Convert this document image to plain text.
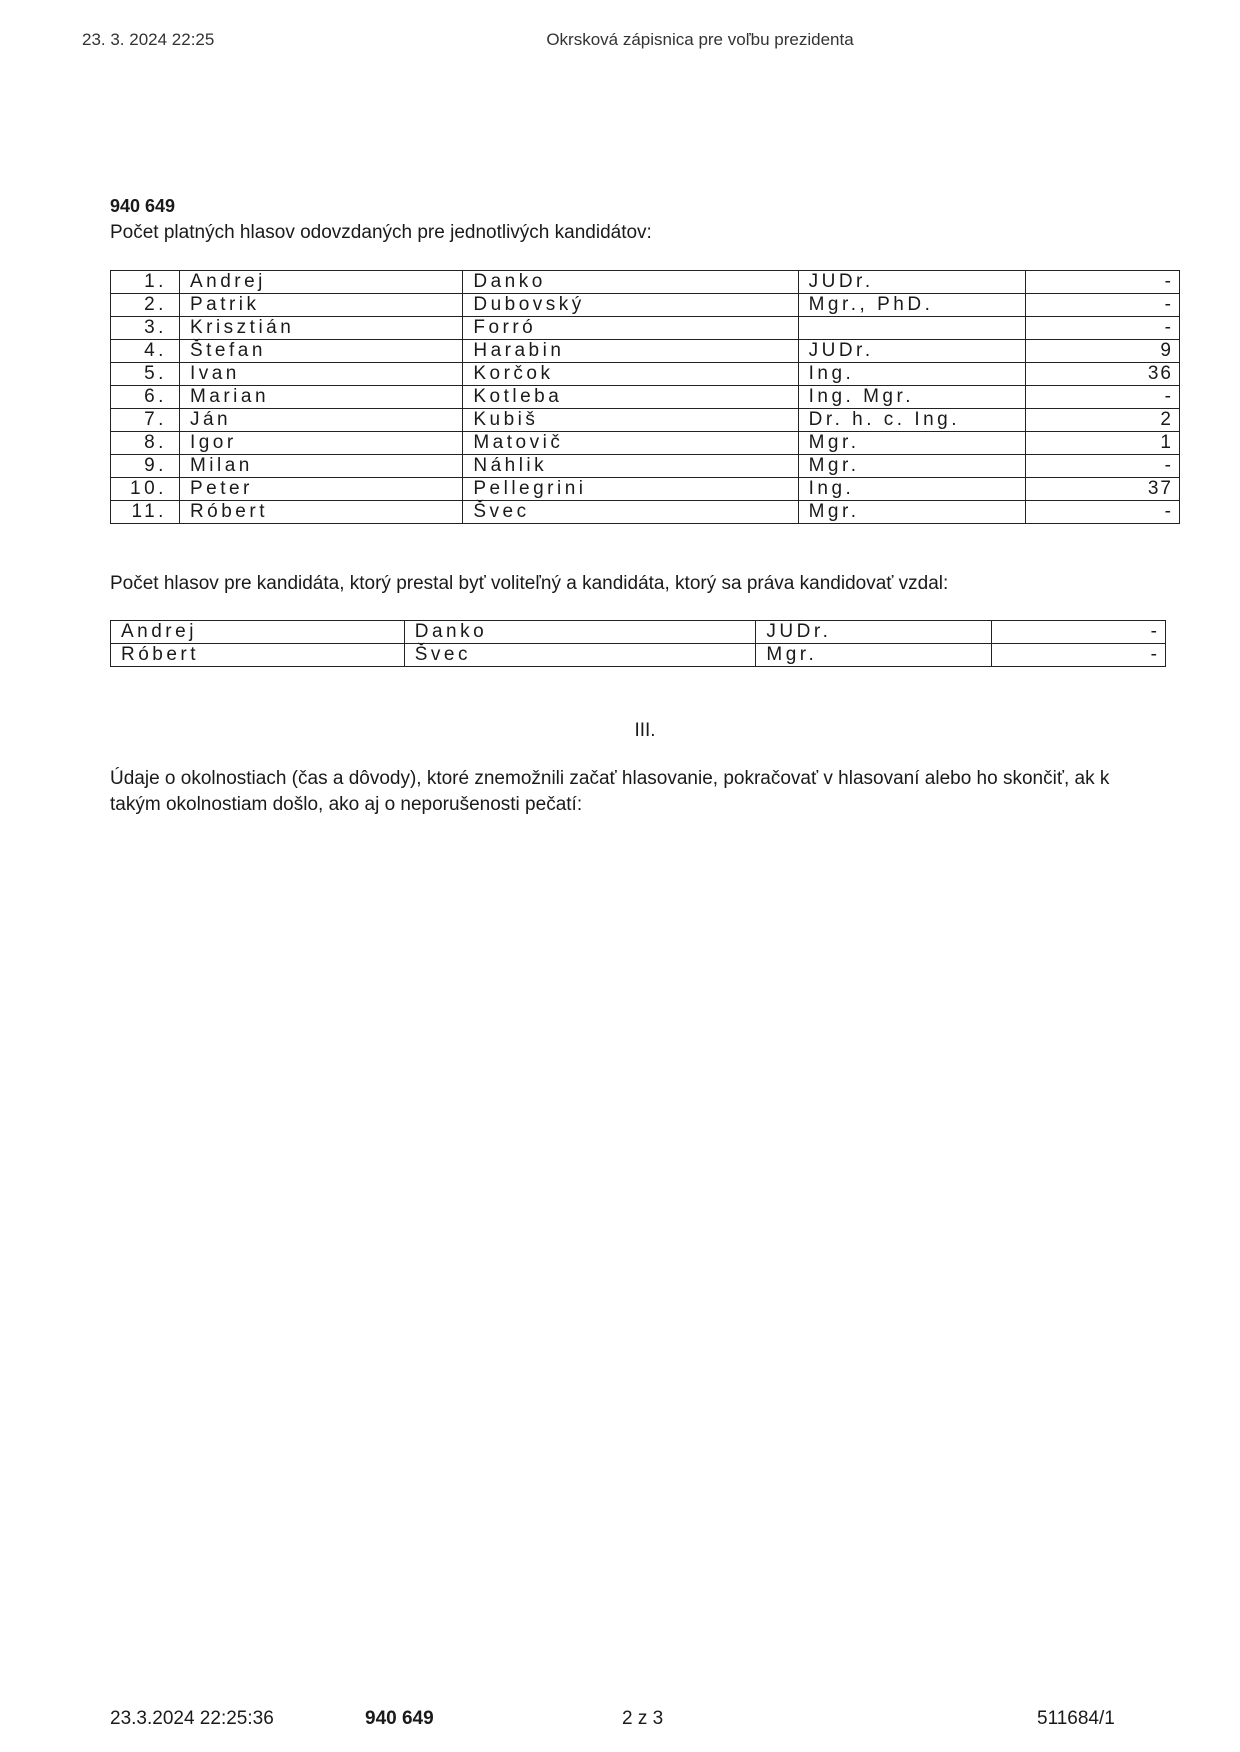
23. 3. 2024 22:25	Okrsková zápisnica pre voľbu prezidenta
940 649
Počet platných hlasov odovzdaných pre jednotlivých kandidátov:
1.	Andrej	Danko	JUDr.	-
2.	Patrik	Dubovský	Mgr., PhD.	-
3.	Krisztián	Forró		-
4.	Štefan	Harabin	JUDr.	9
5.	Ivan	Korčok	Ing.	36
6.	Marian	Kotleba	Ing. Mgr.	-
7.	Ján	Kubiš	Dr. h. c. Ing.	2
8.	Igor	Matovič	Mgr.	1
9.	Milan	Náhlik	Mgr.	-
10.	Peter	Pellegrini	Ing.	37
11.	Róbert	Švec	Mgr.	-
Počet hlasov pre kandidáta, ktorý prestal byť voliteľný a kandidáta, ktorý sa práva kandidovať vzdal:
Andrej	Danko	JUDr.	-
Róbert	Švec	Mgr.	-
III.
Údaje o okolnostiach (čas a dôvody), ktoré znemožnili začať hlasovanie, pokračovať v hlasovaní alebo ho skončiť, ak k takým okolnostiam došlo, ako aj o neporušenosti pečatí:
23.3.2024 22:25:36	940 649	2 z 3	511684/1
